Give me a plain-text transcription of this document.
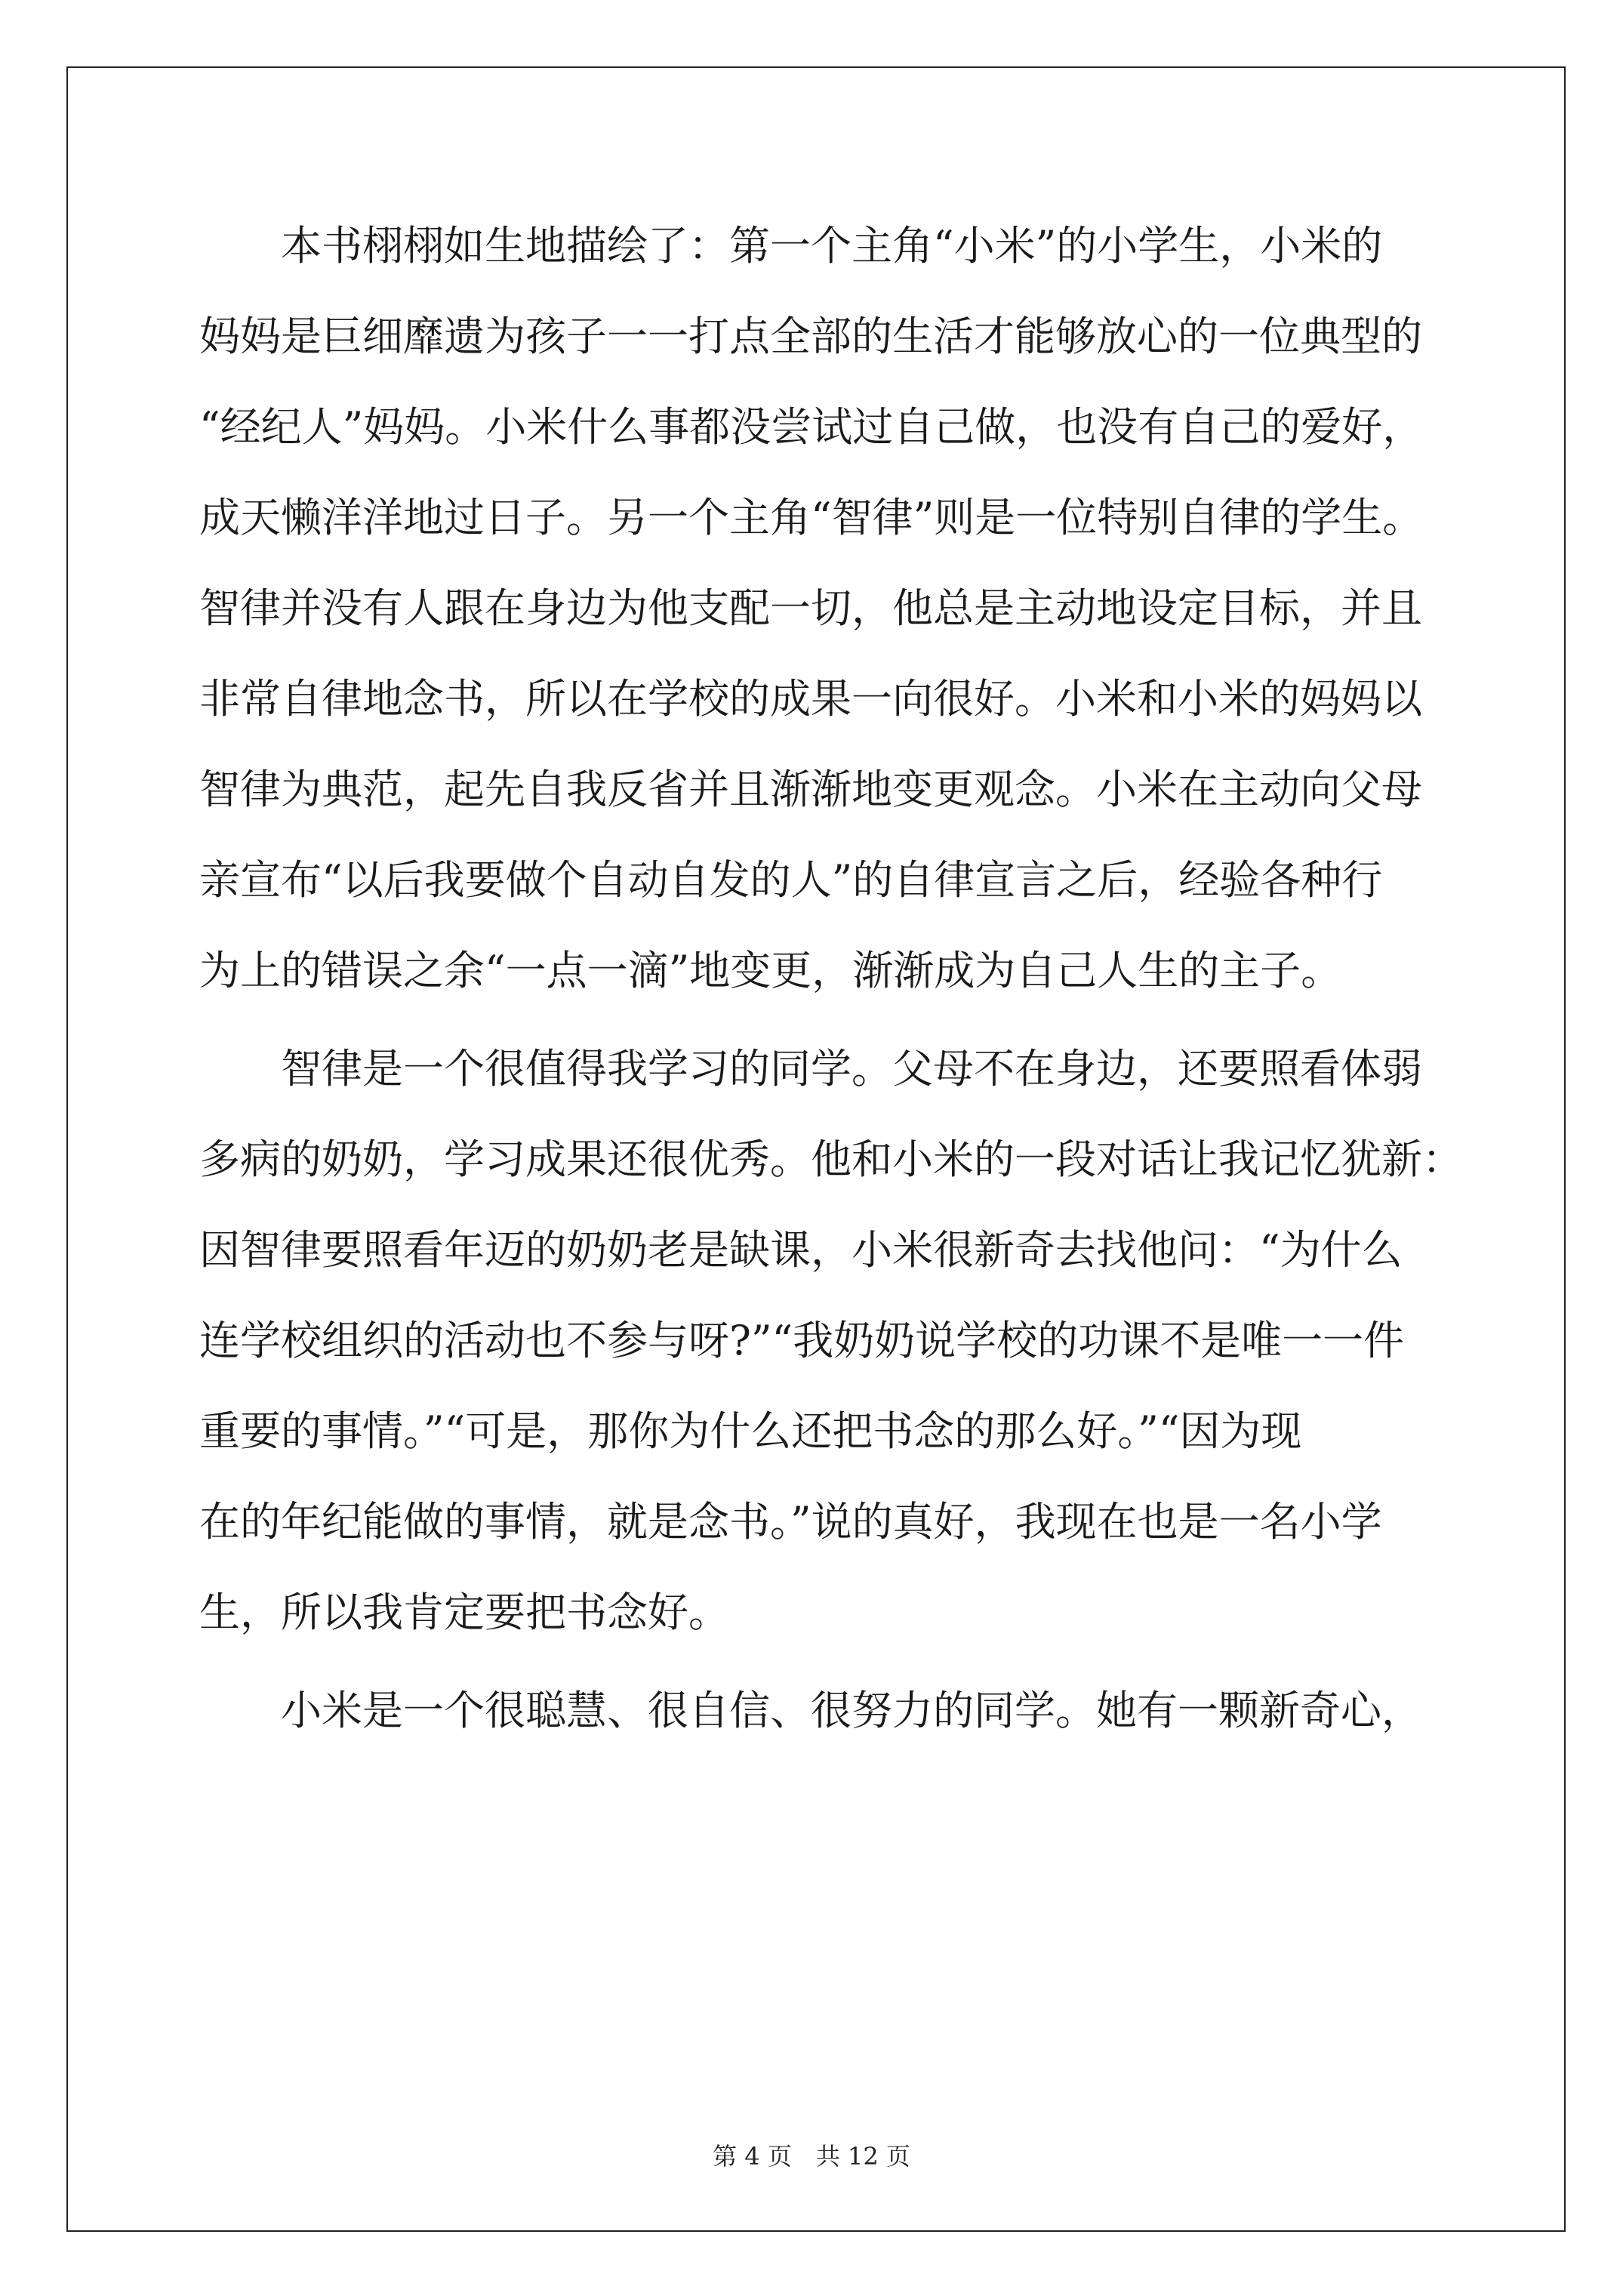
　　本书栩栩如生地描绘了：第一个主角“小米”的小学生，小米的
妈妈是巨细靡遗为孩子一一打点全部的生活才能够放心的一位典型的
“经纪人”妈妈。小米什么事都没尝试过自己做，也没有自己的爱好，
成天懒洋洋地过日子。另一个主角“智律”则是一位特别自律的学生。
智律并没有人跟在身边为他支配一切，他总是主动地设定目标，并且
非常自律地念书，所以在学校的成果一向很好。小米和小米的妈妈以
智律为典范，起先自我反省并且渐渐地变更观念。小米在主动向父母
亲宣布“以后我要做个自动自发的人”的自律宣言之后，经验各种行
为上的错误之余“一点一滴”地变更，渐渐成为自己人生的主子。
　　智律是一个很值得我学习的同学。父母不在身边，还要照看体弱
多病的奶奶，学习成果还很优秀。他和小米的一段对话让我记忆犹新：
因智律要照看年迈的奶奶老是缺课，小米很新奇去找他问：“为什么
连学校组织的活动也不参与呀?”“我奶奶说学校的功课不是唯一一件
重要的事情。”“可是，那你为什么还把书念的那么好。”“因为现
在的年纪能做的事情，就是念书。”说的真好，我现在也是一名小学
生，所以我肯定要把书念好。
　　小米是一个很聪慧、很自信、很努力的同学。她有一颗新奇心，
第 4 页　共 12 页
